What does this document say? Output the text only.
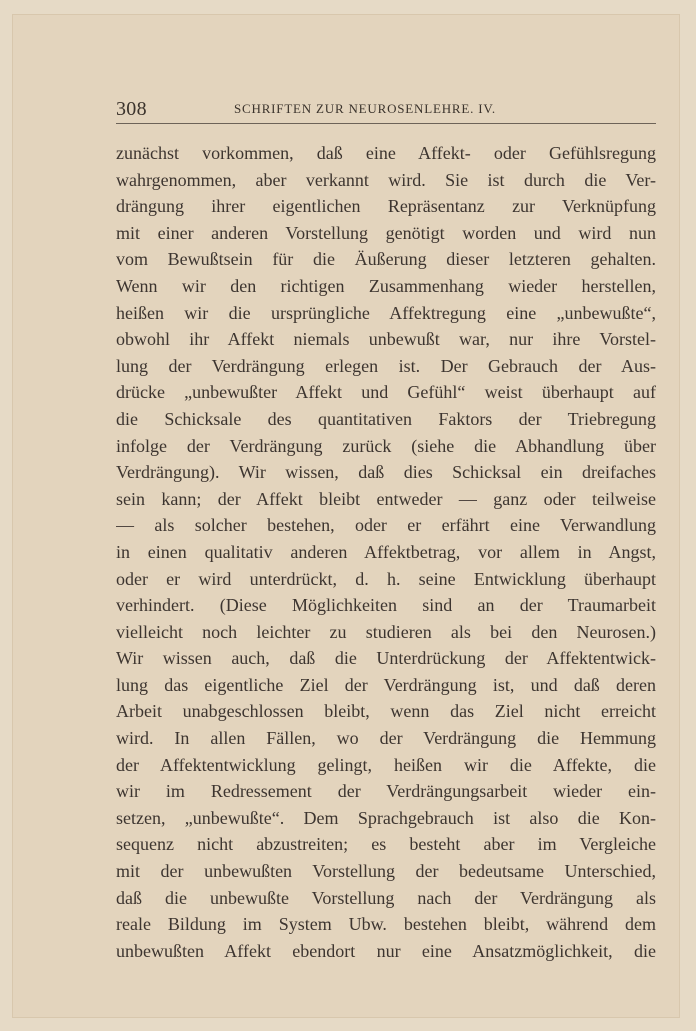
308	SCHRIFTEN ZUR NEUROSENLEHRE. IV.
zunächst vorkommen, daß eine Affekt- oder Gefühlsregung
wahrgenommen, aber verkannt wird. Sie ist durch die Ver-
drängung ihrer eigentlichen Repräsentanz zur Verknüpfung
mit einer anderen Vorstellung genötigt worden und wird nun
vom Bewußtsein für die Äußerung dieser letzteren gehalten.
Wenn wir den richtigen Zusammenhang wieder herstellen,
heißen wir die ursprüngliche Affektregung eine „unbewußte“,
obwohl ihr Affekt niemals unbewußt war, nur ihre Vorstel-
lung der Verdrängung erlegen ist. Der Gebrauch der Aus-
drücke „unbewußter Affekt und Gefühl“ weist überhaupt auf
die Schicksale des quantitativen Faktors der Triebregung
infolge der Verdrängung zurück (siehe die Abhandlung über
Verdrängung). Wir wissen, daß dies Schicksal ein dreifaches
sein kann; der Affekt bleibt entweder — ganz oder teilweise
— als solcher bestehen, oder er erfährt eine Verwandlung
in einen qualitativ anderen Affektbetrag, vor allem in Angst,
oder er wird unterdrückt, d. h. seine Entwicklung überhaupt
verhindert. (Diese Möglichkeiten sind an der Traumarbeit
vielleicht noch leichter zu studieren als bei den Neurosen.)
Wir wissen auch, daß die Unterdrückung der Affektentwick-
lung das eigentliche Ziel der Verdrängung ist, und daß deren
Arbeit unabgeschlossen bleibt, wenn das Ziel nicht erreicht
wird. In allen Fällen, wo der Verdrängung die Hemmung
der Affektentwicklung gelingt, heißen wir die Affekte, die
wir im Redressement der Verdrängungsarbeit wieder ein-
setzen, „unbewußte“. Dem Sprachgebrauch ist also die Kon-
sequenz nicht abzustreiten; es besteht aber im Vergleiche
mit der unbewußten Vorstellung der bedeutsame Unterschied,
daß die unbewußte Vorstellung nach der Verdrängung als
reale Bildung im System Ubw. bestehen bleibt, während dem
unbewußten Affekt ebendort nur eine Ansatzmöglichkeit, die
